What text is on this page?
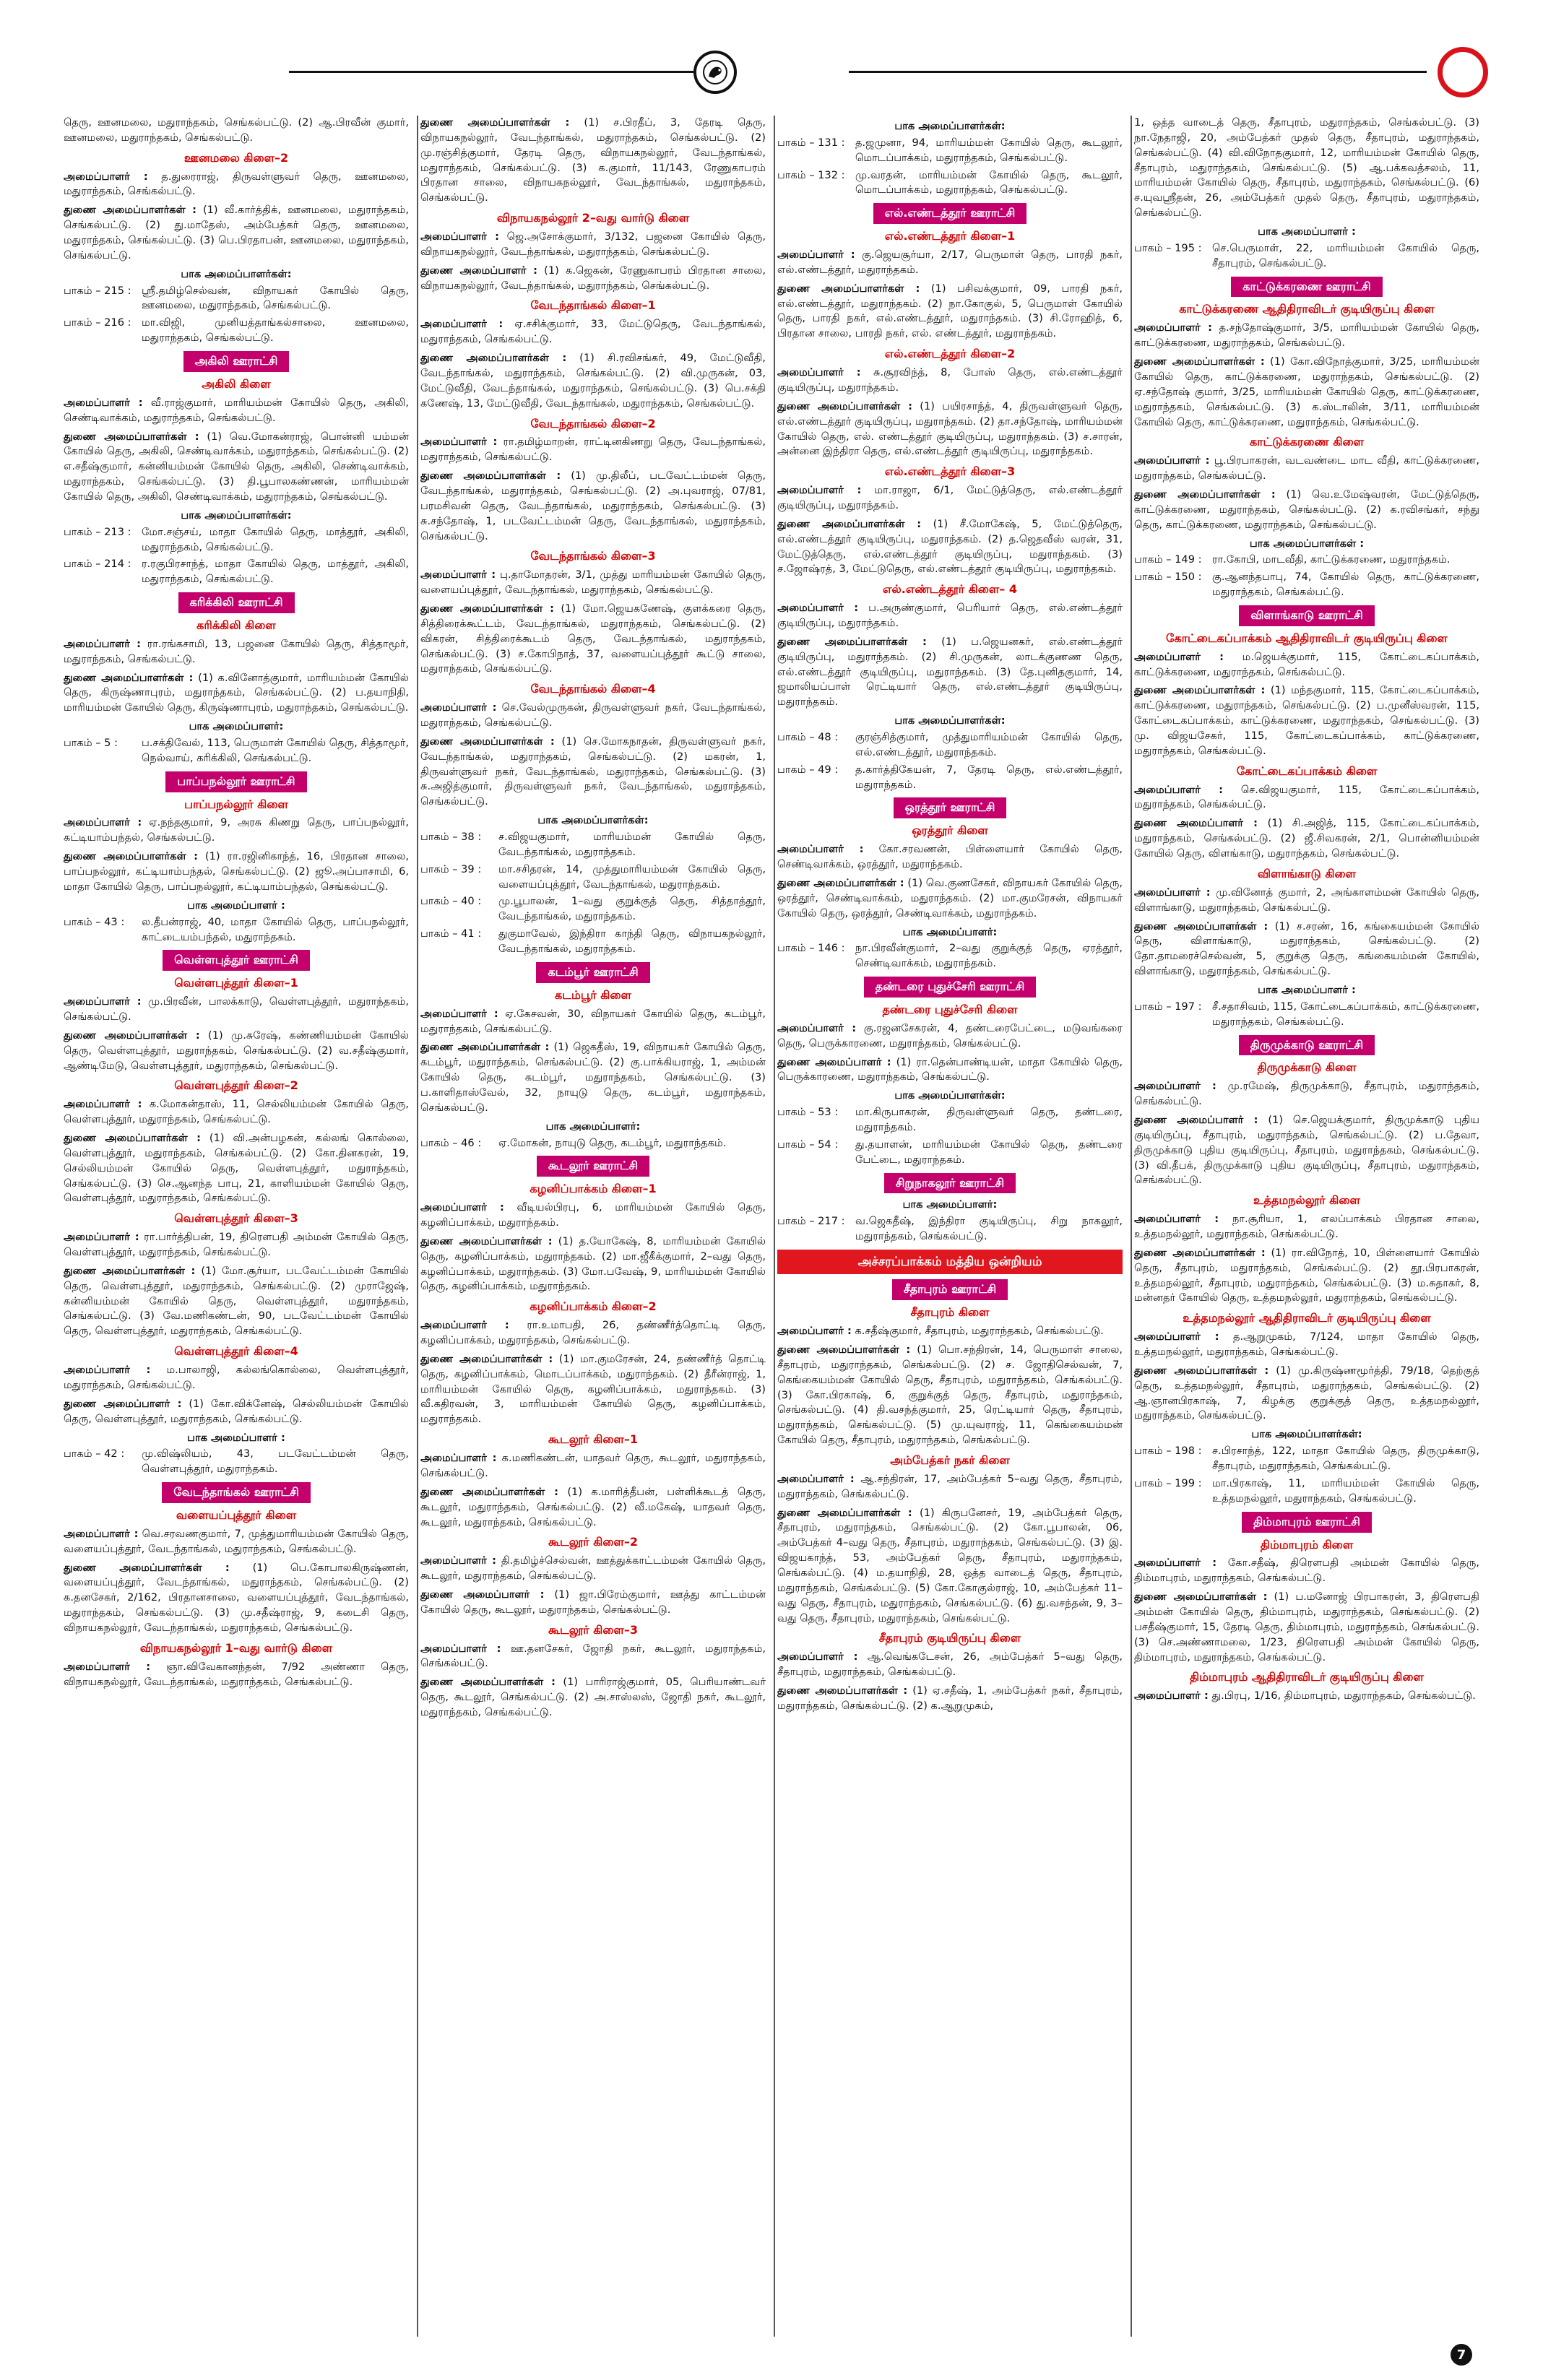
தெரு, ஊனமலை, மதுராந்தகம், செங்கல்பட்டு. (2) ஆ.பிரவீன் குமார், ஊனமலை, மதுராந்தகம், செங்கல்பட்டு.
ஊனமலை கிளை–2
அமைப்பாளர் : த.துரைராஜ், திருவள்ளுவர் தெரு, ஊனமலை, மதுராந்தகம், செங்கல்பட்டு.
துணை அமைப்பாளர்கள் : (1) வீ.கார்த்திக், ஊனமலை, மதுராந்தகம், செங்கல்பட்டு. (2) து.மாதேஸ், அம்பேத்கர் தெரு, ஊனமலை, மதுராந்தகம், செங்கல்பட்டு. (3) பெ.பிரதாபன், ஊனமலை, மதுராந்தகம், செங்கல்பட்டு.
பாக அமைப்பாளர்கள்:
பாகம் – 215 : ஸ்ரீ.தமிழ்செல்வன், விநாயகர் கோயில் தெரு, ஊனமலை, மதுராந்தகம், செங்கல்பட்டு.
பாகம் – 216 : மா.விஜி, முனியத்தாங்கல்சாலை, ஊனமலை, மதுராந்தகம், செங்கல்பட்டு.
அகிலி ஊராட்சி
அகிலி கிளை
அமைப்பாளர் : வீ.ராஜ்குமார், மாரியம்மன் கோயில் தெரு, அகிலி, செண்டிவாக்கம், மதுராந்தகம், செங்கல்பட்டு.
துணை அமைப்பாளர்கள் : (1) வெ.மோகன்ராஜ், பொன்னி யம்மன் கோயில் தெரு, அகிலி, செண்டிவாக்கம், மதுராந்தகம், செங்கல்பட்டு. (2) எ.சதீஷ்குமார், கன்னியம்மன் கோயில் தெரு, அகிலி, செண்டிவாக்கம், மதுராந்தகம், செங்கல்பட்டு. (3) தி.பூபாலகண்ணன், மாரியம்மன் கோயில் தெரு, அகிலி, செண்டிவாக்கம், மதுராந்தகம், செங்கல்பட்டு.
பாக அமைப்பாளர்கள்:
பாகம் – 213 : மோ.சஞ்சய், மாதா கோயில் தெரு, மாத்தூர், அகிலி, மதுராந்தகம், செங்கல்பட்டு.
பாகம் – 214 : ர.ரகுபிரசாந்த், மாதா கோயில் தெரு, மாத்தூர், அகிலி, மதுராந்தகம், செங்கல்பட்டு.
கரிக்கிலி ஊராட்சி
கரிக்கிலி கிளை
அமைப்பாளர் : ரா.ரங்கசாமி, 13, பஜனை கோயில் தெரு, சித்தாமூர், மதுராந்தகம், செங்கல்பட்டு.
துணை அமைப்பாளர்கள் : (1) க.வினோத்குமார், மாரியம்மன் கோயில் தெரு, கிருஷ்ணாபுரம், மதுராந்தகம், செங்கல்பட்டு. (2) ப.தயாநிதி, மாரியம்மன் கோயில் தெரு, கிருஷ்ணாபுரம், மதுராந்தகம், செங்கல்பட்டு.
பாக அமைப்பாளர்:
பாகம் – 5 :	ப.சக்திவேல், 113, பெருமாள் கோயில் தெரு, சித்தாமூர், நெல்வாய், கரிக்கிலி, செங்கல்பட்டு.
பாப்பநல்லூர் ஊராட்சி
பாப்பநல்லூர் கிளை
அமைப்பாளர் : ஏ.நந்தகுமார், 9, அரசு கிணறு தெரு, பாப்பநல்லூர், கட்டியாம்பந்தல், செங்கல்பட்டு.
துணை அமைப்பாளர்கள் : (1) ரா.ரஜினிகாந்த், 16, பிரதான சாலை, பாப்பநல்லூர், கட்டியாம்பந்தல், செங்கல்பட்டு. (2) ஜூ.அப்பாசாமி, 6, மாதா கோயில் தெரு, பாப்பநல்லூர், கட்டியாம்பந்தல், செங்கல்பட்டு.
பாக அமைப்பாளர் :
பாகம் – 43 :	ல.தீபன்ராஜ், 40, மாதா கோயில் தெரு, பாப்பநல்லூர், காட்டையம்பந்தல், மதுராந்தகம்.
வெள்ளபுத்தூர் ஊராட்சி
வெள்ளபுத்தூர் கிளை–1
அமைப்பாளர் : மு.பிரவீன், பாலக்காடு, வெள்ளபுத்தூர், மதுராந்தகம், செங்கல்பட்டு.
துணை அமைப்பாளர்கள் : (1) மு.சுரேஷ், கண்ணியம்மன் கோயில் தெரு, வெள்ளபுத்தூர், மதுராந்தகம், செங்கல்பட்டு. (2) வ.சதீஷ்குமார், ஆண்டிமேடு, வெள்ளபுத்தூர், மதுராந்தகம், செங்கல்பட்டு.
வெள்ளபுத்தூர் கிளை–2
அமைப்பாளர் : க.மோகன்தாஸ், 11, செல்லியம்மன் கோயில் தெரு, வெள்ளபுத்தூர், மதுராந்தகம், செங்கல்பட்டு.
துணை அமைப்பாளர்கள் : (1) வி.அன்பழகன், கல்லங் கொல்லை, வெள்ளபுத்தூர், மதுராந்தகம், செங்கல்பட்டு. (2) கோ.தினகரன், 19, செல்லியம்மன் கோயில் தெரு, வெள்ளபுத்தூர், மதுராந்தகம், செங்கல்பட்டு. (3) செ.ஆனந்த பாபு, 21, காளியம்மன் கோயில் தெரு, வெள்ளபுத்தூர், மதுராந்தகம், செங்கல்பட்டு.
வெள்ளபுத்தூர் கிளை–3
அமைப்பாளர் : ரா.பார்த்திபன், 19, திரௌபதி அம்மன் கோயில் தெரு, வெள்ளபுத்தூர், மதுராந்தகம், செங்கல்பட்டு.
துணை அமைப்பாளர்கள் : (1) மோ.சூர்யா, படவேட்டம்மன் கோயில் தெரு, வெள்ளபுத்தூர், மதுராந்தகம், செங்கல்பட்டு. (2) முராஜேஷ், கன்னியம்மன் கோயில் தெரு, வெள்ளபுத்தூர், மதுராந்தகம், செங்கல்பட்டு. (3) வே.மணிகண்டன், 90, படவேட்டம்மன் கோயில் தெரு, வெள்ளபுத்தூர், மதுராந்தகம், செங்கல்பட்டு.
வெள்ளபுத்தூர் கிளை–4
அமைப்பாளர் : ம.பாலாஜி, கல்லங்கொல்லை, வெள்ளபுத்தூர், மதுராந்தகம், செங்கல்பட்டு.
துணை அமைப்பாளர் : (1) கோ.விக்னேஷ், செல்லியம்மன் கோயில் தெரு, வெள்ளபுத்தூர், மதுராந்தகம், செங்கல்பட்டு.
பாக அமைப்பாளர் :
பாகம் – 42 :	மு.விஷ்லியம், 43, படவேட்டம்மன் தெரு, வெள்ளபுத்தூர், மதுராந்தகம்.
வேடந்தாங்கல் ஊராட்சி
வளையப்புத்தூர் கிளை
அமைப்பாளர் : வெ.சரவணகுமார், 7, முத்துமாரியம்மன் கோயில் தெரு, வளையப்புத்தூர், வேடந்தாங்கல், மதுராந்தகம், செங்கல்பட்டு.
துணை அமைப்பாளர்கள் : (1) பெ.கோபாலகிருஷ்ணன், வளையப்புத்தூர், வேடந்தாங்கல், மதுராந்தகம், செங்கல்பட்டு. (2) க.தனசேகர், 2/162, பிரதானசாலை, வளையப்புத்தூர், வேடந்தாங்கல், மதுராந்தகம், செங்கல்பட்டு. (3) மு.சதீஷ்ராஜ், 9, கடைசி தெரு, விநாயகநல்லூர், வேடந்தாங்கல், மதுராந்தகம், செங்கல்பட்டு.
விநாயகநல்லூர் 1–வது வார்டு கிளை
அமைப்பாளர் : ஞா.விவேகானந்தன், 7/92 அண்ணா தெரு, விநாயகநல்லூர், வேடந்தாங்கல், மதுராந்தகம், செங்கல்பட்டு.
துணை அமைப்பாளர்கள் : (1) ச.பிரதீப், 3, தேரடி தெரு, விநாயகநல்லூர், வேடந்தாங்கல், மதுராந்தகம், செங்கல்பட்டு. (2) மு.ரஞ்சித்குமார், தேரடி தெரு, விநாயகநல்லூர், வேடந்தாங்கல், மதுராந்தகம், செங்கல்பட்டு. (3) க.குமார், 11/143, ரேணுகாபரம் பிரதான சாலை, விநாயகநல்லூர், வேடந்தாங்கல், மதுராந்தகம், செங்கல்பட்டு.
விநாயகநல்லூர் 2–வது வார்டு கிளை
அமைப்பாளர் : ஜெ.அசோக்குமார், 3/132, பஜனை கோயில் தெரு, விநாயகநல்லூர், வேடந்தாங்கல், மதுராந்தகம், செங்கல்பட்டு.
துணை அமைப்பாளர் : (1) க.ஜெகன், ரேணுகாபரம் பிரதான சாலை, விநாயகநல்லூர், வேடந்தாங்கல், மதுராந்தகம், செங்கல்பட்டு.
வேடந்தாங்கல் கிளை–1
அமைப்பாளர் : ஏ.சசிக்குமார், 33, மேட்டுதெரு, வேடந்தாங்கல், மதுராந்தகம், செங்கல்பட்டு.
துணை அமைப்பாளர்கள் : (1) சி.ரவிசங்கர், 49, மேட்டுவீதி, வேடந்தாங்கல், மதுராந்தகம், செங்கல்பட்டு. (2) வி.முருகன், 03, மேட்டுவீதி, வேடந்தாங்கல், மதுராந்தகம், செங்கல்பட்டு. (3) பெ.சக்தி கணேஷ், 13, மேட்டுவீதி, வேடந்தாங்கல், மதுராந்தகம், செங்கல்பட்டு.
வேடந்தாங்கல் கிளை–2
அமைப்பாளர் : ரா.தமிழ்மாறன், ராட்டினகிணறு தெரு, வேடந்தாங்கல், மதுராந்தகம், செங்கல்பட்டு.
துணை அமைப்பாளர்கள் : (1) மு.திலீப், படவேட்டம்மன் தெரு, வேடந்தாங்கல், மதுராந்தகம், செங்கல்பட்டு. (2) அ.புவராஜ், 07/81, பரமசிவன் தெரு, வேடந்தாங்கல், மதுராந்தகம், செங்கல்பட்டு. (3) சு.சந்தோஷ், 1, படவேட்டம்மன் தெரு, வேடந்தாங்கல், மதுராந்தகம், செங்கல்பட்டு.
வேடந்தாங்கல் கிளை–3
அமைப்பாளர் : பு.தாமோதரன், 3/1, முத்து மாரியம்மன் கோயில் தெரு, வளையப்புத்தூர், வேடந்தாங்கல், மதுராந்தகம், செங்கல்பட்டு.
துணை அமைப்பாளர்கள் : (1) மோ.ஜெயகணேஷ், குளக்கரை தெரு, சித்திரைக்கூட்டம், வேடந்தாங்கல், மதுராந்தகம், செங்கல்பட்டு. (2) விகரன், சித்திரைக்கூடம் தெரு, வேடந்தாங்கல், மதுராந்தகம், செங்கல்பட்டு. (3) ச.கோபிநாத், 37, வளையப்புத்தூர் கூட்டு சாலை, மதுராந்தகம், செங்கல்பட்டு.
வேடந்தாங்கல் கிளை–4
அமைப்பாளர் : செ.வேல்முருகன், திருவள்ளுவர் நகர், வேடந்தாங்கல், மதுராந்தகம், செங்கல்பட்டு.
துணை அமைப்பாளர்கள் : (1) செ.மோகநாதன், திருவள்ளுவர் நகர், வேடந்தாங்கல், மதுராந்தகம், செங்கல்பட்டு. (2) மகரன், 1, திருவள்ளுவர் நகர், வேடந்தாங்கல், மதுராந்தகம், செங்கல்பட்டு. (3) சு.அஜித்குமார், திருவள்ளுவர் நகர், வேடந்தாங்கல், மதுராந்தகம், செங்கல்பட்டு.
பாக அமைப்பாளர்கள்:
பாகம் – 38 :	ச.விஜயகுமார், மாரியம்மன் கோயில் தெரு, வேடந்தாங்கல், மதுராந்தகம்.
பாகம் – 39 :	மா.சசிதரன், 14, முத்துமாரியம்மன் கோயில் தெரு, வளையப்புத்தூர், வேடந்தாங்கல், மதுராந்தகம்.
பாகம் – 40 :	மு.பூபாலன், 1–வது குறுக்குத் தெரு, சித்தாத்தூர், வேடந்தாங்கல், மதுராந்தகம்.
பாகம் – 41 :	துகுமாவேல், இந்திரா காந்தி தெரு, விநாயகநல்லூர், வேடந்தாங்கல், மதுராந்தகம்.
கடம்பூர் ஊராட்சி
கடம்பூர் கிளை
அமைப்பாளர் : ஏ.கேசவன், 30, விநாயகர் கோயில் தெரு, கடம்பூர், மதுராந்தகம், செங்கல்பட்டு.
துணை அமைப்பாளர்கள் : (1) ஜெகதீஸ், 19, விநாயகர் கோயில் தெரு, கடம்பூர், மதுராந்தகம், செங்கல்பட்டு. (2) கு.பாக்கியராஜ், 1, அம்மன் கோயில் தெரு, கடம்பூர், மதுராந்தகம், செங்கல்பட்டு. (3) ப.காளிதாஸ்வேல், 32, நாயுடு தெரு, கடம்பூர், மதுராந்தகம், செங்கல்பட்டு.
பாக அமைப்பாளர்:
பாகம் – 46 :	ஏ.மோகன், நாயுடு தெரு, கடம்பூர், மதுராந்தகம்.
கூடலூர் ஊராட்சி
கழனிப்பாக்கம் கிளை–1
அமைப்பாளர் : வீடியல்பிரபு, 6, மாரியம்மன் கோயில் தெரு, கழனிப்பாக்கம், மதுராந்தகம்.
துணை அமைப்பாளர்கள் : (1) த.யோகேஷ், 8, மாரியம்மன் கோயில் தெரு, கழனிப்பாக்கம், மதுராந்தகம். (2) மா.ஜீகீக்குமார், 2–வது தெரு, கழனிப்பாக்கம், மதுராந்தகம். (3) மோ.பவேஷ், 9, மாரியம்மன் கோயில் தெரு, கழனிப்பாக்கம், மதுராந்தகம்.
கழனிப்பாக்கம் கிளை–2
அமைப்பாளர் : ரா.உமாபதி, 26, தண்ணீர்த்தொட்டி தெரு, கழனிப்பாக்கம், மதுராந்தகம், செங்கல்பட்டு.
துணை அமைப்பாளர்கள் : (1) மா.குமரேசன், 24, தண்ணீர்த் தொட்டி தெரு, கழனிப்பாக்கம், மொடப்பாக்கம், மதுராந்தகம். (2) தீரீன்ராஜ், 1, மாரியம்மன் கோயில் தெரு, கழனிப்பாக்கம், மதுராந்தகம். (3) வீ.கதிரவன், 3, மாரியம்மன் கோயில் தெரு, கழனிப்பாக்கம், மதுராந்தகம்.
கூடலூர் கிளை–1
அமைப்பாளர் : க.மணிகண்டன், யாதவர் தெரு, கூடலூர், மதுராந்தகம், செங்கல்பட்டு.
துணை அமைப்பாளர்கள் : (1) க.மாரித்தீபன், பள்ளிக்கூடத் தெரு, கூடலூர், மதுராந்தகம், செங்கல்பட்டு. (2) வீ.மகேஷ், யாதவர் தெரு, கூடலூர், மதுராந்தகம், செங்கல்பட்டு.
கூடலூர் கிளை–2
அமைப்பாளர் : தி.தமிழ்ச்செல்வன், ஊத்துக்காட்டம்மன் கோயில் தெரு, கூடலூர், மதுராந்தகம், செங்கல்பட்டு.
துணை அமைப்பாளர் : (1) ஜா.பிரேம்குமார், ஊத்து காட்டம்மன் கோயில் தெரு, கூடலூர், மதுராந்தகம், செங்கல்பட்டு.
கூடலூர் கிளை–3
அமைப்பாளர் : ஊ.தனசேகர், ஜோதி நகர், கூடலூர், மதுராந்தகம், செங்கல்பட்டு.
துணை அமைப்பாளர்கள் : (1) பாரிராஜ்குமார், 05, பெரியாண்டவர் தெரு, கூடலூர், செங்கல்பட்டு. (2) அ.சாஸ்லஸ், ஜோதி நகர், கூடலூர், மதுராந்தகம், செங்கல்பட்டு.
பாக அமைப்பாளர்கள்:
பாகம் – 131 : த.ஜமுனா, 94, மாரியம்மன் கோயில் தெரு, கூடலூர், மொடப்பாக்கம், மதுராந்தகம், செங்கல்பட்டு.
பாகம் – 132 : மு.வரதன், மாரியம்மன் கோயில் தெரு, கூடலூர், மொடப்பாக்கம், மதுராந்தகம், செங்கல்பட்டு.
எல்.எண்டத்தூர் ஊராட்சி
எல்.எண்டத்தூர் கிளை–1
அமைப்பாளர் : கு.ஜெயசூர்யா, 2/17, பெருமாள் தெரு, பாரதி நகர், எல்.எண்டத்தூர், மதுராந்தகம்.
துணை அமைப்பாளர்கள் : (1) பசிவக்குமார், 09, பாரதி நகர், எல்.எண்டத்தூர், மதுராந்தகம். (2) நா.கோகுல், 5, பெருமாள் கோயில் தெரு, பாரதி நகர், எல்.எண்டத்தூர், மதுராந்தகம். (3) சி.ரோஹித், 6, பிரதான சாலை, பாரதி நகர், எல். எண்டத்தூர், மதுராந்தகம்.
எல்.எண்டத்தூர் கிளை–2
அமைப்பாளர் : சு.சூரவிந்த், 8, போஸ் தெரு, எல்.எண்டத்தூர் குடியிருப்பு, மதுராந்தகம்.
துணை அமைப்பாளர்கள் : (1) பயிரசாந்த், 4, திருவள்ளுவர் தெரு, எல்.எண்டத்தூர் குடியிருப்பு, மதுராந்தகம். (2) தா.சந்தோஷ், மாரியம்மன் கோயில் தெரு, எல். எண்டத்தூர் குடியிருப்பு, மதுராந்தகம். (3) ச.சாரன், அன்னை இந்திரா தெரு, எல்.எண்டத்தூர் குடியிருப்பு, மதுராந்தகம்.
எல்.எண்டத்தூர் கிளை–3
அமைப்பாளர் : மா.ராஜா, 6/1, மேட்டுத்தெரு, எல்.எண்டத்தூர் குடியிருப்பு, மதுராந்தகம்.
துணை அமைப்பாளர்கள் : (1) சீ.மோகேஷ், 5, மேட்டுத்தெரு, எல்.எண்டத்தூர் குடியிருப்பு, மதுராந்தகம். (2) த.ஜெதவீஸ் வரன், 31, மேட்டுத்தெரு, எல்.எண்டத்தூர் குடியிருப்பு, மதுராந்தகம். (3) ச.ஜோஷ்ரத், 3, மேட்டுதெரு, எல்.எண்டத்தூர் குடியிருப்பு, மதுராந்தகம்.
எல்.எண்டத்தூர் கிளை– 4
அமைப்பாளர் : ப.அருண்குமார், பெரியார் தெரு, எல்.எண்டத்தூர் குடியிருப்பு, மதுராந்தகம்.
துணை அமைப்பாளர்கள் : (1) ப.ஜெயனகர், எல்.எண்டத்தூர் குடியிருப்பு, மதுராந்தகம். (2) சி.முருகன், லாடக்குணண தெரு, எல்.எண்டத்தூர் குடியிருப்பு, மதுராந்தகம். (3) தே.புனிதகுமார், 14, ஜமாலியப்பாள் ரெட்டியார் தெரு, எல்.எண்டத்தூர் குடியிருப்பு, மதுராந்தகம்.
பாக அமைப்பாளர்கள்:
பாகம் – 48 :	குரஞ்சித்குமார், முத்துமாரியம்மன் கோயில் தெரு, எல்.எண்டத்தூர், மதுராந்தகம்.
பாகம் – 49 :	த.கார்த்திகேயன், 7, தேரடி தெரு, எல்.எண்டத்தூர், மதுராந்தகம்.
ஒரத்தூர் ஊராட்சி
ஒரத்தூர் கிளை
அமைப்பாளர் : கோ.சரவணன், பிள்ளையார் கோயில் தெரு, செண்டிவாக்கம், ஒரத்தூர், மதுராந்தகம்.
துணை அமைப்பாளர்கள் : (1) வெ.குணசேகர், விநாயகர் கோயில் தெரு, ஒரத்தூர், செண்டிவாக்கம், மதுராந்தகம். (2) மா.குமரேசன், விநாயகர் கோயில் தெரு, ஒரத்தூர், செண்டிவாக்கம், மதுராந்தகம்.
பாக அமைப்பாளர்:
பாகம் – 146 : நா.பிரவீன்குமார், 2–வது குறுக்குத் தெரு, ஏரத்தூர், செண்டிவாக்கம், மதுராந்தகம்.
தண்டரை புதுச்சேரி ஊராட்சி
தண்டரை புதுச்சேரி கிளை
அமைப்பாளர் : கு.ரஜனசேகரன், 4, தண்டரைபேட்டை, மடுவங்கரை தெரு, பெருக்காரணை, மதுராந்தகம், செங்கல்பட்டு.
துணை அமைப்பாளர் : (1) ரா.தென்பாண்டியன், மாதா கோயில் தெரு, பெருக்காரணை, மதுராந்தகம், செங்கல்பட்டு.
பாக அமைப்பாளர்கள்:
பாகம் – 53 :	மா.கிருபாகரன், திருவள்ளுவர் தெரு, தண்டரை, மதுராந்தகம்.
பாகம் – 54 :	து.தயாளன், மாரியம்மன் கோயில் தெரு, தண்டரை பேட்டை, மதுராந்தகம்.
சிறுநாகலூர் ஊராட்சி
பாக அமைப்பாளர்:
பாகம் – 217 : வ.ஜெகதீஷ், இந்திரா குடியிருப்பு, சிறு நாகலூர், மதுராந்தகம், செங்கல்பட்டு.
அச்சரப்பாக்கம் மத்திய ஒன்றியம்
சீதாபுரம் ஊராட்சி
சீதாபுரம் கிளை
அமைப்பாளர் : க.சதீஷ்குமார், சீதாபுரம், மதுராந்தகம், செங்கல்பட்டு.
துணை அமைப்பாளர்கள் : (1) பொ.சந்திரன், 14, பெருமாள் சாலை, சீதாபுரம், மதுராந்தகம், செங்கல்பட்டு. (2) ச. ஜோதிசெல்வன், 7, கெங்கையம்மன் கோயில் தெரு, சீதாபுரம், மதுராந்தகம், செங்கல்பட்டு. (3) கோ.பிரகாஷ், 6, குறுக்குத் தெரு, சீதாபுரம், மதுராந்தகம், செங்கல்பட்டு. (4) தி.வசந்த்குமார், 25, ரெட்டியார் தெரு, சீதாபுரம், மதுராந்தகம், செங்கல்பட்டு. (5) மு.யுவராஜ், 11, கெங்கையம்மன் கோயில் தெரு, சீதாபுரம், மதுராந்தகம், செங்கல்பட்டு.
அம்பேத்கர் நகர் கிளை
அமைப்பாளர் : ஆ.சந்திரன், 17, அம்பேத்கர் 5–வது தெரு, சீதாபுரம், மதுராந்தகம், செங்கல்பட்டு.
துணை அமைப்பாளர்கள் : (1) கிருபனேசர், 19, அம்பேத்கர் தெரு, சீதாபுரம், மதுராந்தகம், செங்கல்பட்டு. (2) கோ.பூபாலன், 06, அம்பேத்கர் 4–வது தெரு, சீதாபுரம், மதுராந்தகம், செங்கல்பட்டு. (3) இ. விஜயகாந்த், 53, அம்பேத்கர் தெரு, சீதாபுரம், மதுராந்தகம், செங்கல்பட்டு. (4) ம.தயாநிதி, 28, ஒத்த வாடைத் தெரு, சீதாபுரம், மதுராந்தகம், செங்கல்பட்டு. (5) கோ.கோகுல்ராஜ், 10, அம்பேத்கர் 11–வது தெரு, சீதாபுரம், மதுராந்தகம், செங்கல்பட்டு. (6) து.வசந்தன், 9, 3–வது தெரு, சீதாபுரம், மதுராந்தகம், செங்கல்பட்டு.
சீதாபுரம் குடியிருப்பு கிளை
அமைப்பாளர் : ஆ.வெங்கடேசன், 26, அம்பேத்கர் 5–வது தெரு, சீதாபுரம், மதுராந்தகம், செங்கல்பட்டு.
துணை அமைப்பாளர்கள் : (1) ஏ.சதீஷ், 1, அம்பேத்கர் நகர், சீதாபுரம், மதுராந்தகம், செங்கல்பட்டு. (2) க.ஆறுமுகம்,
1, ஒத்த வாடைத் தெரு, சீதாபுரம், மதுராந்தகம், செங்கல்பட்டு. (3) நா.நேதாஜி, 20, அம்பேத்கர் முதல் தெரு, சீதாபுரம், மதுராந்தகம், செங்கல்பட்டு. (4) வி.விநோதகுமார், 12, மாரியம்மன் கோயில் தெரு, சீதாபுரம், மதுராந்தகம், செங்கல்பட்டு. (5) ஆ.பக்கவத்சலம், 11, மாரியம்மன் கோயில் தெரு, சீதாபுரம், மதுராந்தகம், செங்கல்பட்டு. (6) ச.யுவஸ்ரீதன், 26, அம்பேத்கர் முதல் தெரு, சீதாபுரம், மதுராந்தகம், செங்கல்பட்டு.
பாக அமைப்பாளர் :
பாகம் – 195 : செ.பெருமாள், 22, மாரியம்மன் கோயில் தெரு, சீதாபுரம், செங்கல்பட்டு.
காட்டுக்கரணை ஊராட்சி
காட்டுக்கரணை ஆதிதிராவிடர் குடியிருப்பு கிளை
அமைப்பாளர் : த.சந்தோஷ்குமார், 3/5, மாரியம்மன் கோயில் தெரு, காட்டுக்கரணை, மதுராந்தகம், செங்கல்பட்டு.
துணை அமைப்பாளர்கள் : (1) கோ.விநோத்குமார், 3/25, மாரியம்மன் கோயில் தெரு, காட்டுக்கரணை, மதுராந்தகம், செங்கல்பட்டு. (2) ஏ.சந்தோஷ் குமார், 3/25, மாரியம்மன் கோயில் தெரு, காட்டுக்கரணை, மதுராந்தகம், செங்கல்பட்டு. (3) க.ஸ்டாலின், 3/11, மாரியம்மன் கோயில் தெரு, காட்டுக்கரணை, மதுராந்தகம், செங்கல்பட்டு.
காட்டுக்கரணை கிளை
அமைப்பாளர் : பூ.பிரபாகரன், வடவண்டை மாட வீதி, காட்டுக்கரணை, மதுராந்தகம், செங்கல்பட்டு.
துணை அமைப்பாளர்கள் : (1) வெ.உமேஷ்வரன், மேட்டுத்தெரு, காட்டுக்கரணை, மதுராந்தகம், செங்கல்பட்டு. (2) க.ரவிசங்கர், சந்து தெரு, காட்டுக்கரணை, மதுராந்தகம், செங்கல்பட்டு.
பாக அமைப்பாளர்கள் :
பாகம் – 149 : ரா.கோபி, மாடவீதி, காட்டுக்கரணை, மதுராந்தகம்.
பாகம் – 150 : கு.ஆனந்தபாபு, 74, கோயில் தெரு, காட்டுக்கரணை, மதுராந்தகம், செங்கல்பட்டு.
விளாங்காடு ஊராட்சி
கோட்டைகப்பாக்கம் ஆதிதிராவிடர் குடியிருப்பு கிளை
அமைப்பாளர் : ம.ஜெயக்குமார், 115, கோட்டைகப்பாக்கம், காட்டுக்கரணை, மதுராந்தகம், செங்கல்பட்டு.
துணை அமைப்பாளர்கள் : (1) மந்தகுமார், 115, கோட்டைகப்பாக்கம், காட்டுக்கரணை, மதுராந்தகம், செங்கல்பட்டு. (2) ப.முனீஸ்வரன், 115, கோட்டைகப்பாக்கம், காட்டுக்கரணை, மதுராந்தகம், செங்கல்பட்டு. (3) மு. விஜயசேகர், 115, கோட்டைகப்பாக்கம், காட்டுக்கரணை, மதுராந்தகம், செங்கல்பட்டு.
கோட்டைகப்பாக்கம் கிளை
அமைப்பாளர் : செ.விஜயகுமார், 115, கோட்டைகப்பாக்கம், மதுராந்தகம், செங்கல்பட்டு.
துணை அமைப்பாளர் : (1) சி.அஜித், 115, கோட்டைகப்பாக்கம், மதுராந்தகம், செங்கல்பட்டு. (2) ஜீ.சிவகரன், 2/1, பொன்னியம்மன் கோயில் தெரு, விளங்காடு, மதுராந்தகம், செங்கல்பட்டு.
விளாங்காடு கிளை
அமைப்பாளர் : மு.வினோத் குமார், 2, அங்காளம்மன் கோயில் தெரு, விளாங்காடு, மதுராந்தகம், செங்கல்பட்டு.
துணை அமைப்பாளர்கள் : (1) ச.சரண், 16, கங்கையம்மன் கோயில் தெரு, விளாங்காடு, மதுராந்தகம், செங்கல்பட்டு. (2) தோ.தாமரைச்செல்வன், 5, குறுக்கு தெரு, கங்கையம்மன் கோயில், விளாங்காடு, மதுராந்தகம், செங்கல்பட்டு.
பாக அமைப்பாளர் :
பாகம் – 197 : சீ.சதாசிவம், 115, கோட்டைகப்பாக்கம், காட்டுக்கரணை, மதுராந்தகம், செங்கல்பட்டு.
திருமுக்காடு ஊராட்சி
திருமுக்காடு கிளை
அமைப்பாளர் : மு.ரமேஷ், திருமுக்காடு, சீதாபுரம், மதுராந்தகம், செங்கல்பட்டு.
துணை அமைப்பாளர் : (1) செ.ஜெயக்குமார், திருமுக்காடு புதிய குடியிருப்பு, சீதாபுரம், மதுராந்தகம், செங்கல்பட்டு. (2) ப.தேவா, திருமுக்காடு புதிய குடியிருப்பு, சீதாபுரம், மதுராந்தகம், செங்கல்பட்டு. (3) வி.தீபக், திருமுக்காடு புதிய குடியிருப்பு, சீதாபுரம், மதுராந்தகம், செங்கல்பட்டு.
உத்தமநல்லூர் கிளை
அமைப்பாளர் : நா.சூரியா, 1, எலப்பாக்கம் பிரதான சாலை, உத்தமநல்லூர், மதுராந்தகம், செங்கல்பட்டு.
துணை அமைப்பாளர்கள் : (1) ரா.விநோத், 10, பிள்ளையார் கோயில் தெரு, சீதாபுரம், மதுராந்தகம், செங்கல்பட்டு. (2) தூ.பிரபாகரன், உத்தமநல்லூர், சீதாபுரம், மதுராந்தகம், செங்கல்பட்டு. (3) ம.சுதாகர், 8, மன்னதர் கோயில் தெரு, உத்தமநல்லூர், மதுராந்தகம், செங்கல்பட்டு.
உத்தமநல்லூர் ஆதிதிராவிடர் குடியிருப்பு கிளை
அமைப்பாளர் : த.ஆறுமுகம், 7/124, மாதா கோயில் தெரு, உத்தமநல்லூர், மதுராந்தகம், செங்கல்பட்டு.
துணை அமைப்பாளர்கள் : (1) மு.கிருஷ்ணமூர்த்தி, 79/18, தெற்குத் தெரு, உத்தமநல்லூர், சீதாபுரம், மதுராந்தகம், செங்கல்பட்டு. (2) ஆ.ஞானபிரகாஷ், 7, கிழக்கு குறுக்குத் தெரு, உத்தமநல்லூர், மதுராந்தகம், செங்கல்பட்டு.
பாக அமைப்பாளர்கள்:
பாகம் – 198 : ச.பிரசாந்த், 122, மாதா கோயில் தெரு, திருமுக்காடு, சீதாபுரம், மதுராந்தகம், செங்கல்பட்டு.
பாகம் – 199 : மா.பிரகாஷ், 11, மாரியம்மன் கோயில் தெரு, உத்தமநல்லூர், மதுராந்தகம், செங்கல்பட்டு.
திம்மாபுரம் ஊராட்சி
திம்மாபுரம் கிளை
அமைப்பாளர் : கோ.சதீஷ், திரௌபதி அம்மன் கோயில் தெரு, திம்மாபுரம், மதுராந்தகம், செங்கல்பட்டு.
துணை அமைப்பாளர்கள் : (1) ப.மனோஜ் பிரபாகரன், 3, திரௌபதி அம்மன் கோயில் தெரு, திம்மாபுரம், மதுராந்தகம், செங்கல்பட்டு. (2) பசதீஷ்குமார், 15, தேரடி தெரு, திம்மாபுரம், மதுராந்தகம், செங்கல்பட்டு. (3) செ.அண்ணாமலை, 1/23, திரௌபதி அம்மன் கோயில் தெரு, திம்மாபுரம், மதுராந்தகம், செங்கல்பட்டு.
திம்மாபுரம் ஆதிதிராவிடர் குடியிருப்பு கிளை
அமைப்பாளர் : து.பிரபு, 1/16, திம்மாபுரம், மதுராந்தகம், செங்கல்பட்டு.
7
